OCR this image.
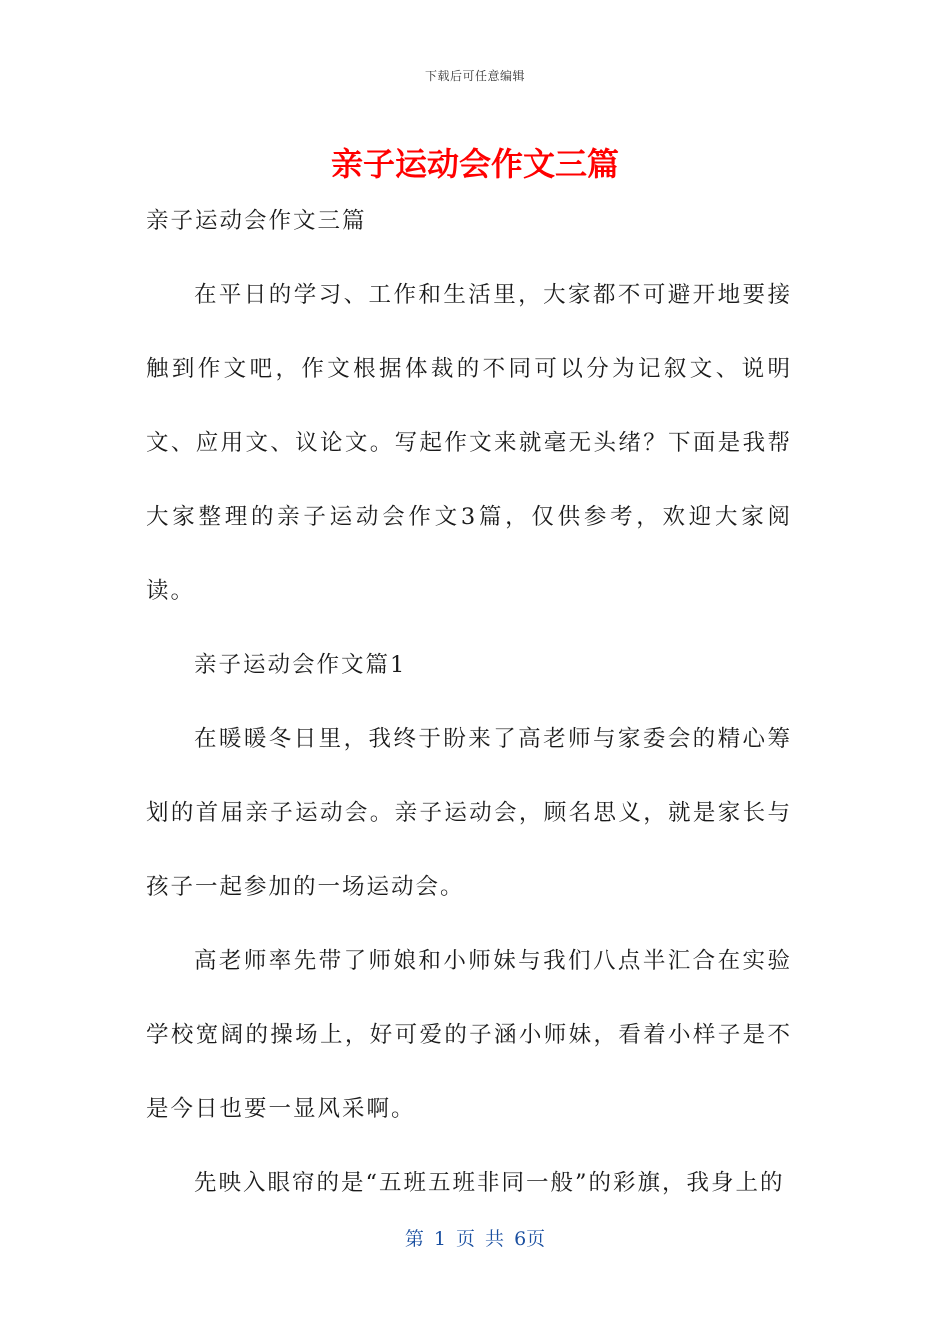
下载后可任意编辑
亲子运动会作文三篇

亲子运动会作文三篇

在平日的学习、工作和生活里，大家都不可避开地要接触到作文吧，作文根据体裁的不同可以分为记叙文、说明文、应用文、议论文。写起作文来就毫无头绪？下面是我帮大家整理的亲子运动会作文3篇，仅供参考，欢迎大家阅读。

亲子运动会作文篇1

在暖暖冬日里，我终于盼来了高老师与家委会的精心筹划的首届亲子运动会。亲子运动会，顾名思义，就是家长与孩子一起参加的一场运动会。

高老师率先带了师娘和小师妹与我们八点半汇合在实验学校宽阔的操场上，好可爱的子涵小师妹，看着小样子是不是今日也要一显风采啊。

先映入眼帘的是“五班五班非同一般”的彩旗，我身上的

第 1 页 共 6页
